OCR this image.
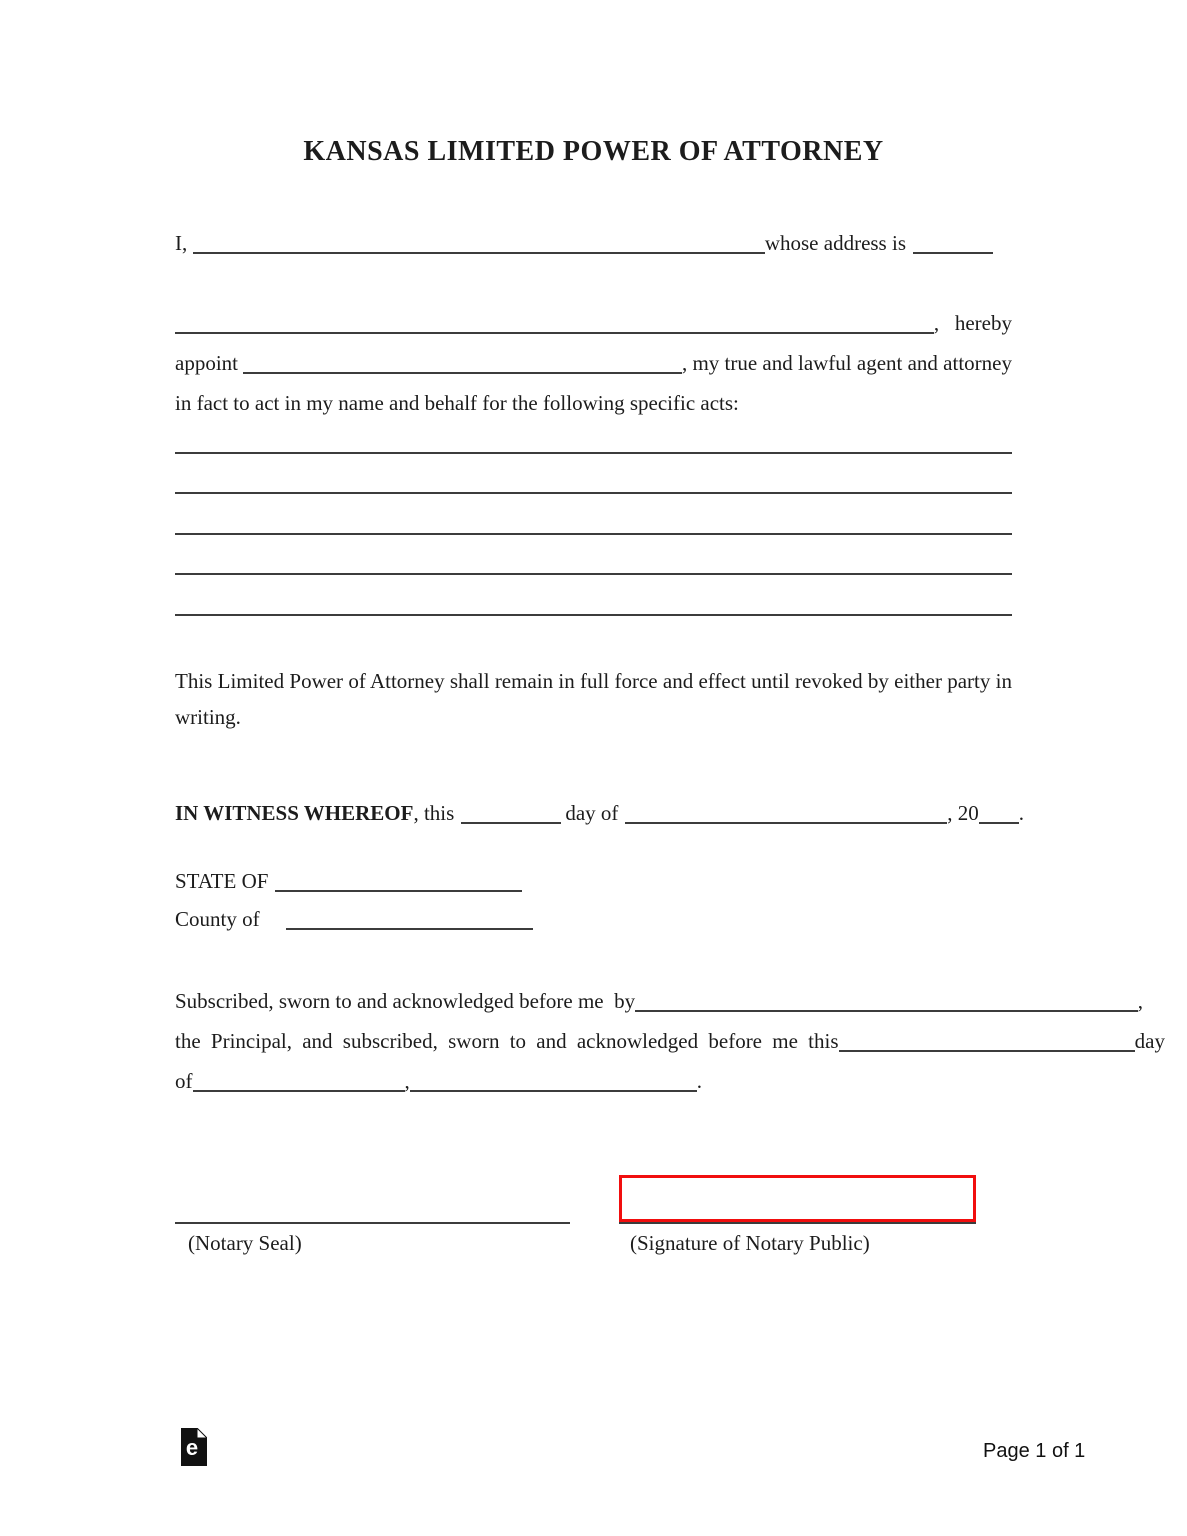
KANSAS LIMITED POWER OF ATTORNEY
I,	whose address is
,   hereby
appoint	, my true and lawful agent and attorney
in fact to act in my name and behalf for the following specific acts:
This Limited Power of Attorney shall remain in full force and effect until revoked by either party in writing.
IN WITNESS WHEREOF , this	day of	, 20 .
STATE OF
County of
Subscribed, sworn to and acknowledged before me  by	,
the Principal, and subscribed, sworn to and acknowledged before me this	day
of	,	.
(Notary Seal)	(Signature of Notary Public)
e	Page 1 of 1
